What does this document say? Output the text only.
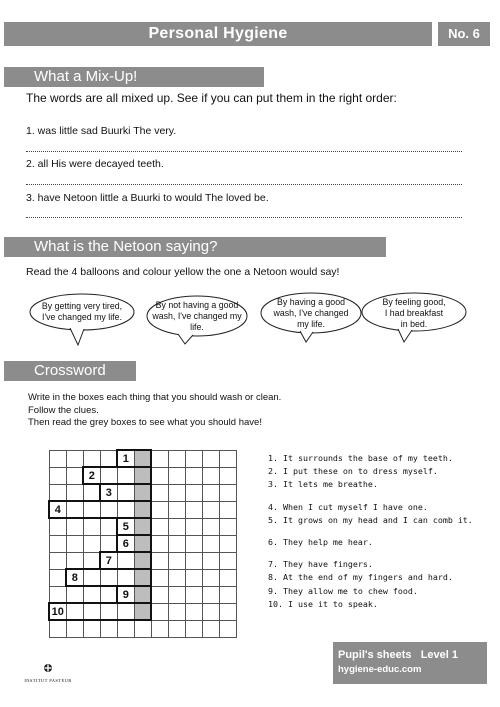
Personal Hygiene	No. 6
What a Mix-Up!
The words are all mixed up. See if you can put them in the right order:
1. was little sad Buurki The very.
2. all His were decayed teeth.
3. have Netoon little a Buurki to would The loved be.
What is the Netoon saying?
Read the 4 balloons and colour yellow the one a Netoon would say!
By getting very tired,
I've changed my life.
By not having a good
wash, I've changed my
life.
By having a good
wash, I've changed
my life.
By feeling good,
I had breakfast
in bed.
Crossword
Write in the boxes each thing that you should wash or clean.
Follow the clues.
Then read the grey boxes to see what you should have!
				1						
		2								
			3							
4										
				5						
				6						
			7							
	8									
				9						
10										

1. It surrounds the base of my teeth.
2. I put these on to dress myself.
3. It lets me breathe.
4. When I cut myself I have one.
5. It grows on my head and I can comb it.
6. They help me hear.
7. They have fingers.
8. At the end of my fingers and hard.
9. They allow me to chew food.
10. I use it to speak.
INSTITUT PASTEUR
Pupil's sheets   Level 1
hygiene-educ.com
